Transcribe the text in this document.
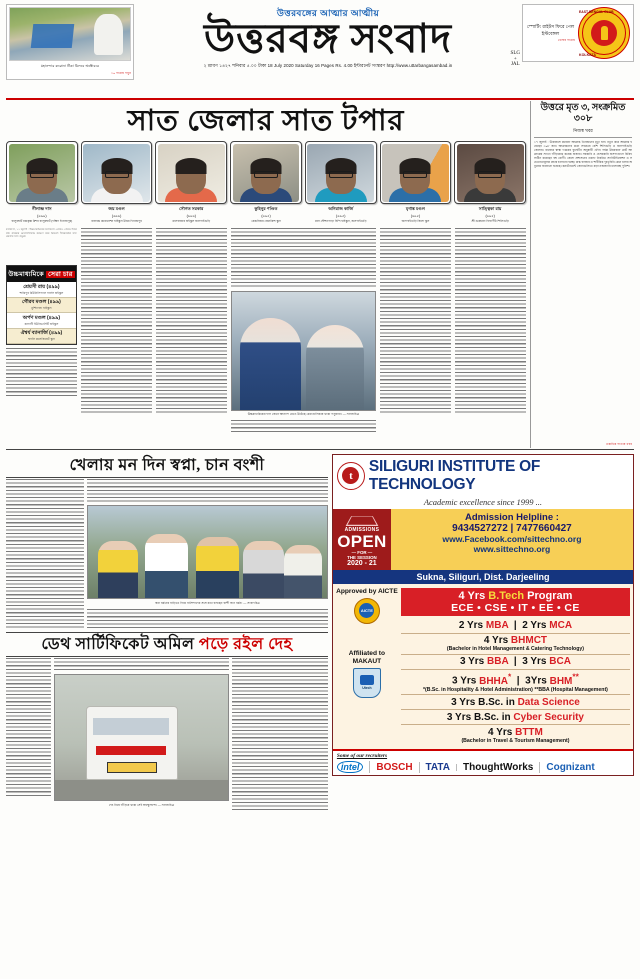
মহানন্দার করোনা টিকা মিলবে অক্টোবরে
১০ পাতায় পড়ুন
উত্তরবঙ্গের আত্মার আত্মীয়
উত্তরবঙ্গ সংবাদ
২ শ্রাবণ ১৪২৭ শনিবার ৫.০০ টাকা 18 July 2020 Saturday 16 Pages Rs. 4.00 ইন্টারনেট সংস্করণ http://www.uttarbangasambad.in
SLG
+
JAL
স্পোর্টিং রাইটস ফিরে পেল ইস্টবেঙ্গল
খেলার পাতায়
EAST BENGAL CLUB
KOLKATA
সাত জেলার সাত টপার
নীলাব্জ দাস
(৬৯৯)
বালুরঘাট রামকৃষ্ণ মিশন বালুরঘাট (দক্ষিণ দিনাজপুর)
জয় মণ্ডল
(৬৯৬)
রায়গঞ্জ করোনেশন হাইস্কুল উত্তর দিনাজপুর
সৌগত সরকার
(৬৯৬)
মালবাজার হাইস্কুল জলপাইগুড়ি
কুহিনুর পণ্ডিত
(৬৯৫)
কোচবিহার জেনকিন্স স্কুল
অনিরাজ কার্জি
(৬৯৫)
মাল স্টেশনপাড়া হিন্দি হাইস্কুল, জলপাইগুড়ি
মৃগাঙ্ক মণ্ডল
(৬৯৫)
জলপাইগুড়ি জিলা স্কুল
সাত্ত্বিকা রায়
(৬৯৫)
শ্রী গুরুচরণ বিদ্যাপীঠ শিলিগুড়ি
কলকাতা, ১৭ জুলাই : উচ্চমাধ্যমিকের ফলাফলে এবারও এগিয়ে উত্তরবঙ্গ। রাজ্যের মেধাতালিকায় জায়গা করে নিয়েছে উত্তরবঙ্গের সাত জেলার সাত পড়ুয়া।
উচ্চমাধ্যমিকে সেরা চার
শ্রেয়সী রায় (৪৯৯)
শান্তিপুর মিউনিসিপ্যাল গার্লস হাইস্কুল
গৌরব মণ্ডল (৪৯৯)
মুর্শিদাবাদ হাইস্কুল
অর্পণ মণ্ডল (৪৯৯)
কল্যাণী ইউনিভার্সিটি হাইস্কুল
ঐশ্বর্য ব্যানার্জি (৪৯৯)
হুগলি কলেজিয়েট স্কুল
উচ্চমাধ্যমিকের ফল জেনে আনন্দে মেতে উঠেছে মেধাতালিকায় থাকা পড়ুয়ারা। — সংবাদচিত্র
উত্তরে মৃত ৩, সংক্রমিত ৩০৮
নিজস্ব খবর
১৭ জুলাই : উত্তরবঙ্গে করোনা আক্রান্ত তিনজনের মৃত্যু হল। নতুন করে আক্রান্ত হয়েছেন ৩০৮ জন। আক্রান্তদের মধ্যে সবচেয়ে বেশি শিলিগুড়ি ও জলপাইগুড়ি জেলায়। রাজ্যের স্বাস্থ্য দপ্তরের বুলেটিন অনুযায়ী এদিন পর্যন্ত উত্তরবঙ্গে মোট আক্রান্তের সংখ্যা দাঁড়িয়েছে কয়েক হাজার। সরকারি ও বেসরকারি হাসপাতালে চিকিৎসাধীন রয়েছেন বহু রোগী। জেলা প্রশাসনের তরফে নিয়মিত স্যানিটাইজেশন ও সচেতনতামূলক প্রচার চালানো হচ্ছে। মাস্ক ব্যবহার ও শারীরিক দূরত্ববিধি মেনে চলার অনুরোধ জানানো হয়েছে। কনটেনমেন্ট জোনগুলিতে কড়া নজরদারি চালাচ্ছে পুলিশ।
একাধিক পাতায় খবর
খেলায় মন দিন স্বপ্না, চান বংশী
স্বপ্না বর্মনের বাড়িতে গিয়ে বাসিন্দাদের সঙ্গে কথা বলছেন বংশী বদন বর্মন। — সংবাদচিত্র
ডেথ সার্টিফিকেট অমিল পড়ে রইল দেহ
দেহ নিয়ে দাঁড়িয়ে থাকা সেই অ্যাম্বুল্যান্স। — সংবাদচিত্র
t
SILIGURI INSTITUTE OF TECHNOLOGY
Academic excellence since 1999 ...
ADMISSIONS
OPEN
— FOR —
THE SESSION
2020 - 21
Admission Helpline :
9434527272 | 7477660427
www.Facebook.com/sittechno.org
www.sittechno.org
Sukna, Siliguri, Dist. Darjeeling
Approved by AICTE
AICTE
Affiliated to MAKAUT
Utech
4 Yrs B.Tech Program
ECE • CSE • IT • EE • CE
2 Yrs MBA  |  2 Yrs MCA
4 Yrs BHMCT
(Bachelor in Hotel Management & Catering Technology)
3 Yrs BBA  |  3 Yrs BCA
3 Yrs BHHA*  |  3Yrs BHM**
*(B.Sc. in Hospitality & Hotel Administration) **BBA (Hospital Management)
3 Yrs B.Sc. in Data Science
3 Yrs B.Sc. in Cyber Security
4 Yrs BTTM
(Bachelor in Travel & Tourism Management)
Some of our recruiters
intel	BOSCH	TATA	ThoughtWorks	Cognizant
